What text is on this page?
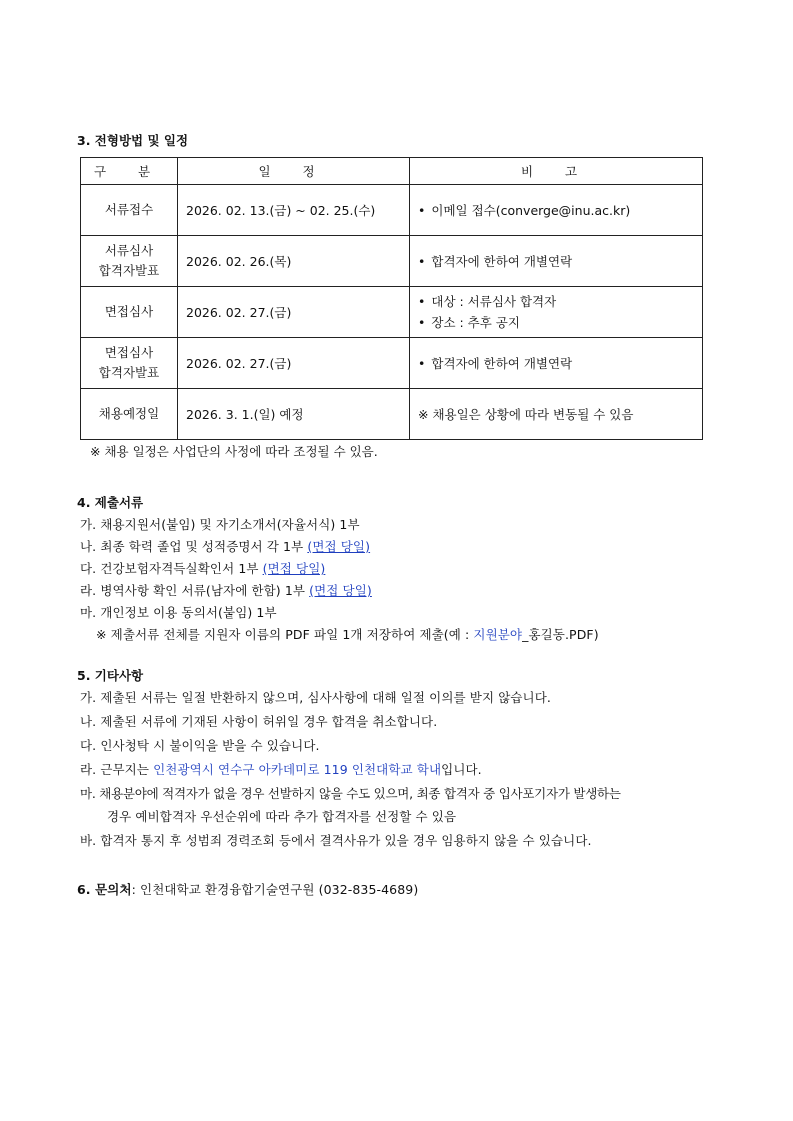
3. 전형방법 및 일정
구 분	일 정	비 고
서류접수	2026. 02. 13.(금) ~ 02. 25.(수)	• 이메일 접수(converge@inu.ac.kr)

서류심사
합격자발표	2026. 02. 26.(목)	• 합격자에 한하여 개별연락

면접심사	2026. 02. 27.(금)	• 대상 : 서류심사 합격자
• 장소 : 추후 공지

면접심사
합격자발표	2026. 02. 27.(금)	• 합격자에 한하여 개별연락

채용예정일	2026. 3. 1.(일) 예정	※ 채용일은 상황에 따라 변동될 수 있음
※ 채용 일정은 사업단의 사정에 따라 조정될 수 있음.
4. 제출서류
가. 채용지원서(붙임) 및 자기소개서(자율서식) 1부
나. 최종 학력 졸업 및 성적증명서 각 1부 (면접 당일)
다. 건강보험자격득실확인서 1부 (면접 당일)
라. 병역사항 확인 서류(남자에 한함) 1부 (면접 당일)
마. 개인정보 이용 동의서(붙임) 1부
※ 제출서류 전체를 지원자 이름의 PDF 파일 1개 저장하여 제출(예 : 지원분야_홍길동.PDF)
5. 기타사항
가. 제출된 서류는 일절 반환하지 않으며, 심사사항에 대해 일절 이의를 받지 않습니다.
나. 제출된 서류에 기재된 사항이 허위일 경우 합격을 취소합니다.
다. 인사청탁 시 불이익을 받을 수 있습니다.
라. 근무지는 인천광역시 연수구 아카데미로 119 인천대학교 학내입니다.
마. 채용분야에 적격자가 없을 경우 선발하지 않을 수도 있으며, 최종 합격자 중 입사포기자가 발생하는
경우 예비합격자 우선순위에 따라 추가 합격자를 선정할 수 있음
바. 합격자 통지 후 성범죄 경력조회 등에서 결격사유가 있을 경우 임용하지 않을 수 있습니다.
6. 문의처: 인천대학교 환경융합기술연구원 (032-835-4689)
